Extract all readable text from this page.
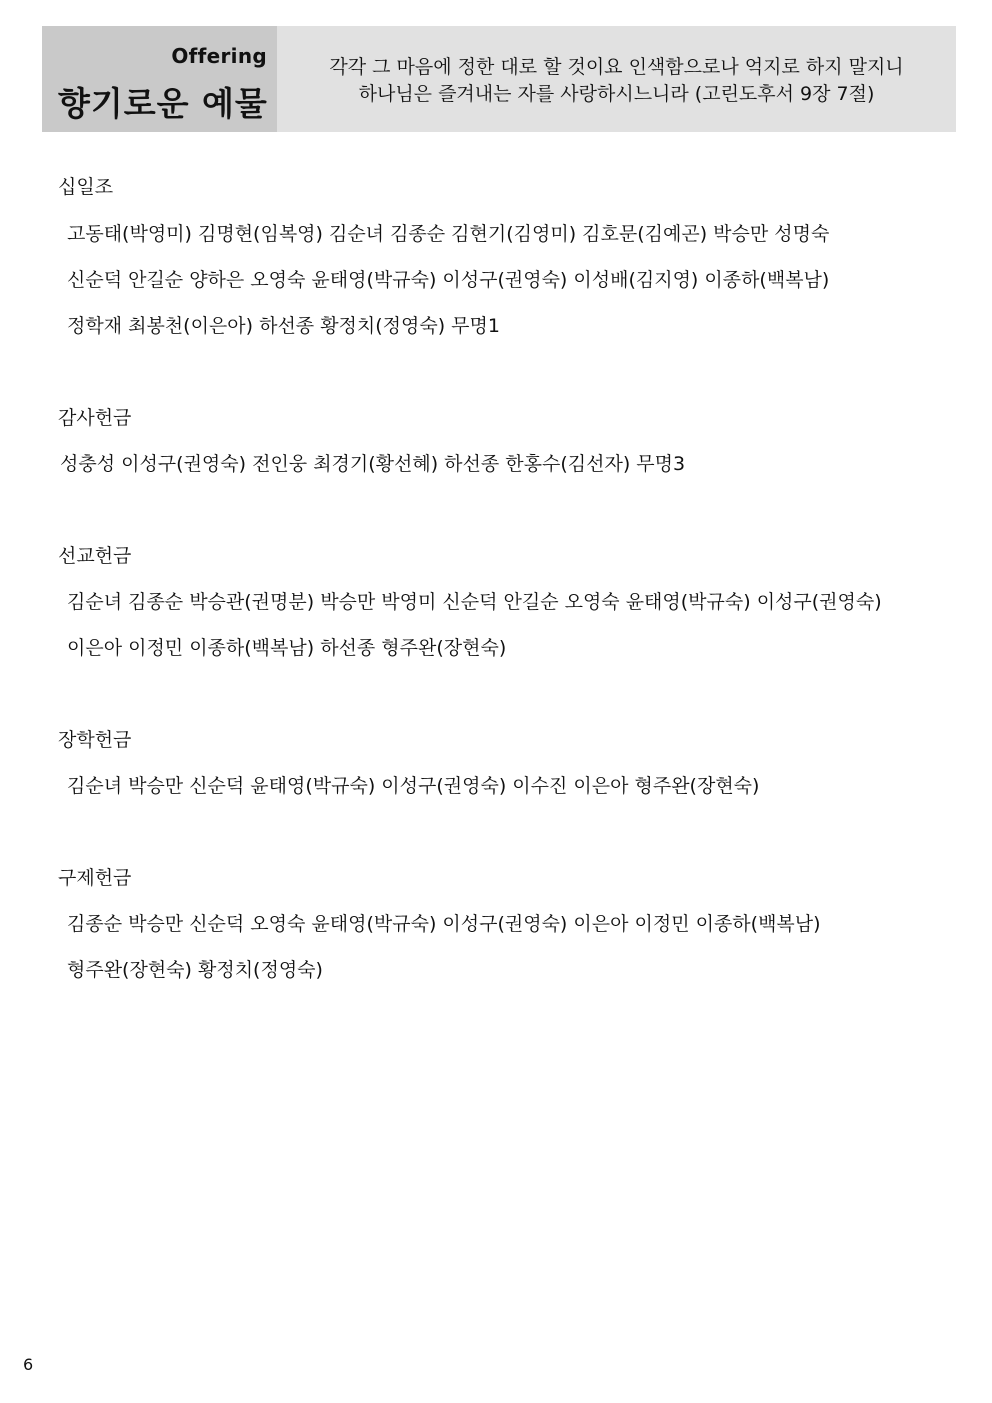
Offering
향기로운 예물
각각 그 마음에 정한 대로 할 것이요 인색함으로나 억지로 하지 말지니
하나님은 즐겨내는 자를 사랑하시느니라 (고린도후서 9장 7절)
십일조
고동태(박영미) 김명현(임복영) 김순녀 김종순 김현기(김영미) 김호문(김예곤) 박승만 성명숙
신순덕 안길순 양하은 오영숙 윤태영(박규숙) 이성구(권영숙) 이성배(김지영) 이종하(백복남)
정학재 최봉천(이은아) 하선종 황정치(정영숙) 무명1
감사헌금
성충성 이성구(권영숙) 전인웅 최경기(황선혜) 하선종 한홍수(김선자) 무명3
선교헌금
김순녀 김종순 박승관(권명분) 박승만 박영미 신순덕 안길순 오영숙 윤태영(박규숙) 이성구(권영숙)
이은아 이정민 이종하(백복남) 하선종 형주완(장현숙)
장학헌금
김순녀 박승만 신순덕 윤태영(박규숙) 이성구(권영숙) 이수진 이은아 형주완(장현숙)
구제헌금
김종순 박승만 신순덕 오영숙 윤태영(박규숙) 이성구(권영숙) 이은아 이정민 이종하(백복남)
형주완(장현숙) 황정치(정영숙)
6
